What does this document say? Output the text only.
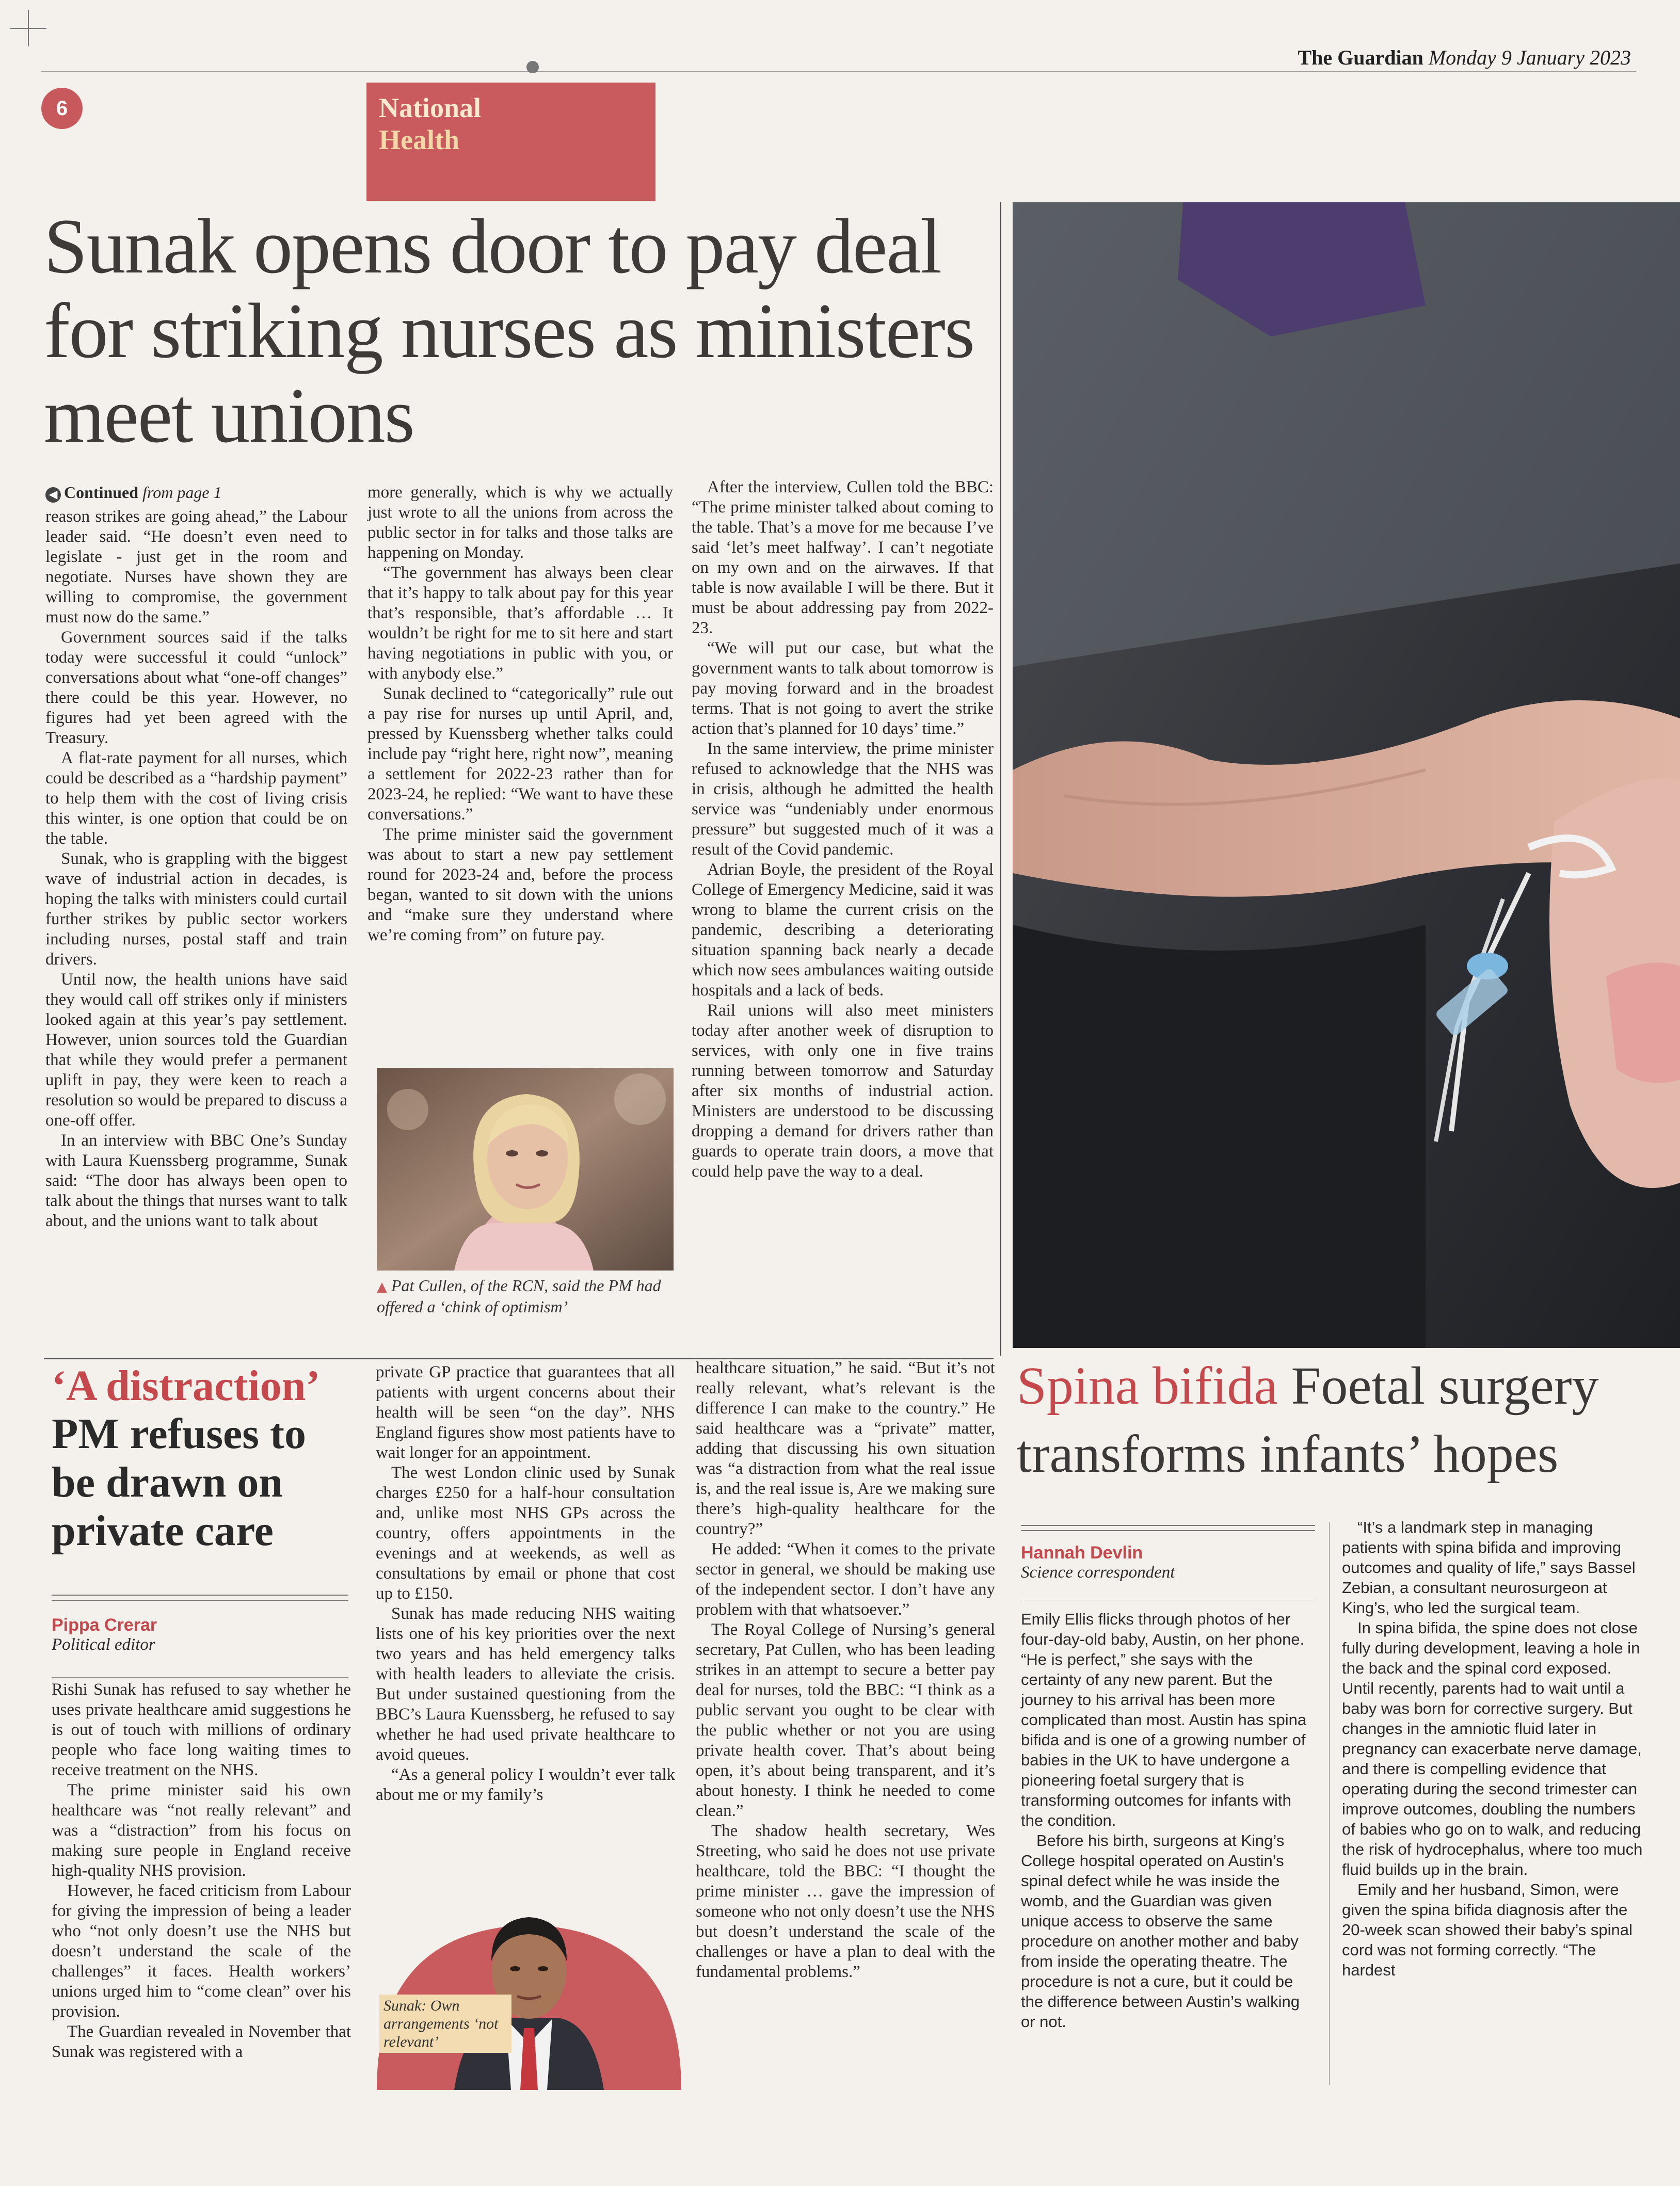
The Guardian Monday 9 January 2023
6	National
Health
Sunak opens door to pay deal for striking nurses as ministers meet unions
◀ Continued from page 1

reason strikes are going ahead,” the Labour leader said. “He doesn’t even need to legislate - just get in the room and negotiate. Nurses have shown they are willing to compromise, the government must now do the same.”

Government sources said if the talks today were successful it could “unlock” conversations about what “one-off changes” there could be this year. However, no figures had yet been agreed with the Treasury.

A flat-rate payment for all nurses, which could be described as a “hardship payment” to help them with the cost of living crisis this winter, is one option that could be on the table.

Sunak, who is grappling with the biggest wave of industrial action in decades, is hoping the talks with ministers could curtail further strikes by public sector workers including nurses, postal staff and train drivers.

Until now, the health unions have said they would call off strikes only if ministers looked again at this year’s pay settlement. However, union sources told the Guardian that while they would prefer a permanent uplift in pay, they were keen to reach a resolution so would be prepared to discuss a one-off offer.

In an interview with BBC One’s Sunday with Laura Kuenssberg programme, Sunak said: “The door has always been open to talk about the things that nurses want to talk about, and the unions want to talk about

more generally, which is why we actually just wrote to all the unions from across the public sector in for talks and those talks are happening on Monday.

“The government has always been clear that it’s happy to talk about pay for this year that’s responsible, that’s affordable … It wouldn’t be right for me to sit here and start having negotiations in public with you, or with anybody else.”

Sunak declined to “categorically” rule out a pay rise for nurses up until April, and, pressed by Kuenssberg whether talks could include pay “right here, right now”, meaning a settlement for 2022-23 rather than for 2023-24, he replied: “We want to have these conversations.”

The prime minister said the government was about to start a new pay settlement round for 2023-24 and, before the process began, wanted to sit down with the unions and “make sure they understand where we’re coming from” on future pay.

▲ Pat Cullen, of the RCN, said the PM had offered a ‘chink of optimism’

After the interview, Cullen told the BBC: “The prime minister talked about coming to the table. That’s a move for me because I’ve said ‘let’s meet halfway’. I can’t negotiate on my own and on the airwaves. If that table is now available I will be there. But it must be about addressing pay from 2022-23.

“We will put our case, but what the government wants to talk about tomorrow is pay moving forward and in the broadest terms. That is not going to avert the strike action that’s planned for 10 days’ time.”

In the same interview, the prime minister refused to acknowledge that the NHS was in crisis, although he admitted the health service was “undeniably under enormous pressure” but suggested much of it was a result of the Covid pandemic.

Adrian Boyle, the president of the Royal College of Emergency Medicine, said it was wrong to blame the current crisis on the pandemic, describing a deteriorating situation spanning back nearly a decade which now sees ambulances waiting outside hospitals and a lack of beds.

Rail unions will also meet ministers today after another week of disruption to services, with only one in five trains running between tomorrow and Saturday after six months of industrial action. Ministers are understood to be discussing dropping a demand for drivers rather than guards to operate train doors, a move that could help pave the way to a deal.

‘A distraction’
PM refuses to be drawn on private care
Pippa Crerar
Political editor

Rishi Sunak has refused to say whether he uses private healthcare amid suggestions he is out of touch with millions of ordinary people who face long waiting times to receive treatment on the NHS.

The prime minister said his own healthcare was “not really relevant” and was a “distraction” from his focus on making sure people in England receive high-quality NHS provision.

However, he faced criticism from Labour for giving the impression of being a leader who “not only doesn’t use the NHS but doesn’t understand the scale of the challenges” it faces. Health workers’ unions urged him to “come clean” over his provision.

The Guardian revealed in November that Sunak was registered with a

private GP practice that guarantees that all patients with urgent concerns about their health will be seen “on the day”. NHS England figures show most patients have to wait longer for an appointment.

The west London clinic used by Sunak charges £250 for a half-hour consultation and, unlike most NHS GPs across the country, offers appointments in the evenings and at weekends, as well as consultations by email or phone that cost up to £150.

Sunak has made reducing NHS waiting lists one of his key priorities over the next two years and has held emergency talks with health leaders to alleviate the crisis. But under sustained questioning from the BBC’s Laura Kuenssberg, he refused to say whether he had used private healthcare to avoid queues.

“As a general policy I wouldn’t ever talk about me or my family’s

Sunak: Own arrangements ‘not relevant’

healthcare situation,” he said. “But it’s not really relevant, what’s relevant is the difference I can make to the country.” He said healthcare was a “private” matter, adding that discussing his own situation was “a distraction from what the real issue is, and the real issue is, Are we making sure there’s high-quality healthcare for the country?”

He added: “When it comes to the private sector in general, we should be making use of the independent sector. I don’t have any problem with that whatsoever.”

The Royal College of Nursing’s general secretary, Pat Cullen, who has been leading strikes in an attempt to secure a better pay deal for nurses, told the BBC: “I think as a public servant you ought to be clear with the public whether or not you are using private health cover. That’s about being open, it’s about being transparent, and it’s about honesty. I think he needed to come clean.”

The shadow health secretary, Wes Streeting, who said he does not use private healthcare, told the BBC: “I thought the prime minister … gave the impression of someone who not only doesn’t use the NHS but doesn’t understand the scale of the challenges or have a plan to deal with the fundamental problems.”

Spina bifida Foetal surgery transforms infants’ hopes
Hannah Devlin
Science correspondent

Emily Ellis flicks through photos of her four-day-old baby, Austin, on her phone. “He is perfect,” she says with the certainty of any new parent. But the journey to his arrival has been more complicated than most. Austin has spina bifida and is one of a growing number of babies in the UK to have undergone a pioneering foetal surgery that is transforming outcomes for infants with the condition.

Before his birth, surgeons at King’s College hospital operated on Austin’s spinal defect while he was inside the womb, and the Guardian was given unique access to observe the same procedure on another mother and baby from inside the operating theatre. The procedure is not a cure, but it could be the difference between Austin’s walking or not.

“It’s a landmark step in managing patients with spina bifida and improving outcomes and quality of life,” says Bassel Zebian, a consultant neurosurgeon at King’s, who led the surgical team.

In spina bifida, the spine does not close fully during development, leaving a hole in the back and the spinal cord exposed. Until recently, parents had to wait until a baby was born for corrective surgery. But changes in the amniotic fluid later in pregnancy can exacerbate nerve damage, and there is compelling evidence that operating during the second trimester can improve outcomes, doubling the numbers of babies who go on to walk, and reducing the risk of hydrocephalus, where too much fluid builds up in the brain.

Emily and her husband, Simon, were given the spina bifida diagnosis after the 20-week scan showed their baby’s spinal cord was not forming correctly. “The hardest
